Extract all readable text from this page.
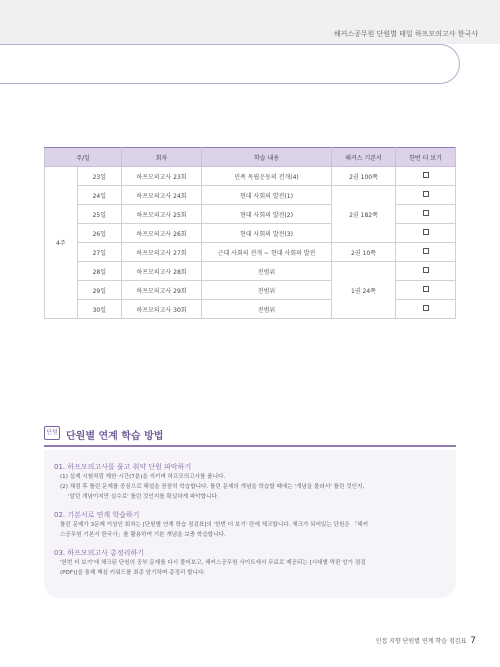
해커스공무원 단원별 테일 하프모의고사 한국사
주/일		회차	학습 내용	해커스 기본서	한번 더 보기
4주	23일	하프모의고사 23회	민족 독립운동의 전개(4)	2권 100쪽	
	24일	하프모의고사 24회	현대 사회의 발전(1)	2권 182쪽	
	25일	하프모의고사 25회	현대 사회의 발전(2)		
	26일	하프모의고사 26회	현대 사회의 발전(3)		
	27일	하프모의고사 27회	근대 사회의 전개 ~ 현대 사회의 발전	2권 10쪽	
	28일	하프모의고사 28회	전범위	1권 24쪽	
	29일	하프모의고사 29회	전범위		
	30일	하프모의고사 30회	전범위		
단원 단원별 연계 학습 방법
01. 하프모의고사를 풀고 취약 단원 파악하기
(1) 실제 시험처럼 제한 시간(7분)을 지키며 하프모의고사를 풉니다.
(2) 채점 후 틀린 문제를 중심으로 해설을 꼼꼼히 학습합니다. 틀린 문제의 개념을 학습할 때에는 '개념을 몰라서' 틀린 것인지,
'알던 개념이지만 실수로' 틀린 것인지를 확실하게 파악합니다.
02. 기본서로 연계 학습하기
틀린 문제가 3문제 이상인 회차는 [단원별 연계 학습 점검표]의 '한번 더 보기' 란에 체크합니다. 체크가 되어있는 단원은 「해커
스공무원 기본서 한국사」를 활용하여 기본 개념을 보충 학습합니다.
03. 하프모의고사 총정리하기
'한번 더 보기'에 체크된 단원의 공부 문제를 다시 풀어보고, 해커스공무원 사이트에서 무료로 제공되는 [시대별 막판 암기 점검
(PDF)]을 통해 핵심 키워드를 최종 암기하며 총정리 합니다.
인접 지향 단원별 연계 학습 점검표 7
